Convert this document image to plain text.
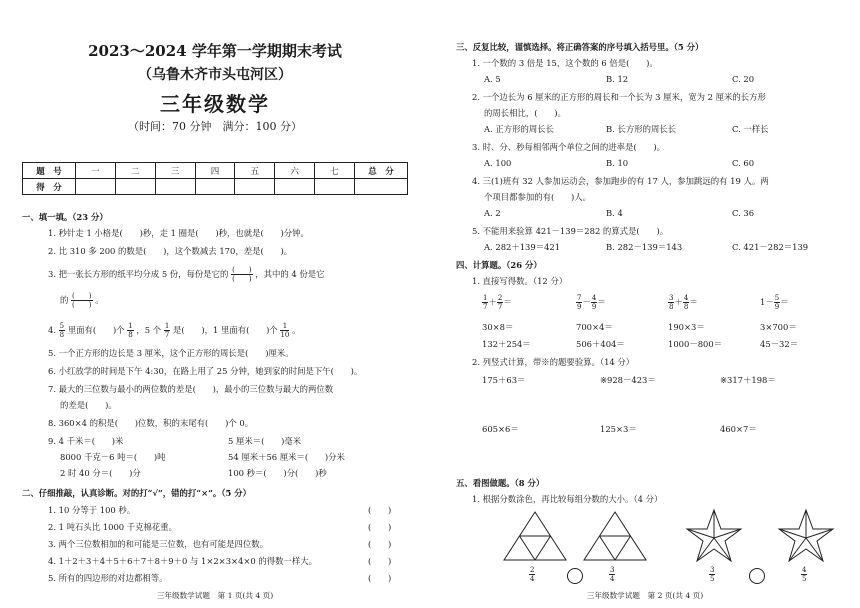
2023～2024 学年第一学期期末考试
（乌鲁木齐市头屯河区）
三年级数学
（时间：70 分钟　满分：100 分）
题　号	一	二	三	四	五	六	七	总　分
得　分								
一、填一填。（23 分）
1. 秒针走 1 小格是(　　)秒，走 1 圈是(　　)秒，也就是(　　)分钟。
2. 比 310 多 200 的数是(　　)，这个数减去 170，差是(　　)。
3. 把一张长方形的纸平均分成 5 份，每份是它的 $\frac{( )}{( )}$ ，其中的 4 份是它
的 $\frac{( )}{( )}$ 。
4. $\frac{5}{8}$ 里面有(　　)个 $\frac{1}{8}$ ，5 个 $\frac{1}{7}$ 是(　　)，1 里面有(　　)个 $\frac{1}{10}$ 。
5. 一个正方形的边长是 3 厘米，这个正方形的周长是(　　)厘米。
6. 小红放学的时间是下午 4:30，在路上用了 25 分钟，她到家的时间是下午(　　)。
7. 最大的三位数与最小的两位数的差是(　　)，最小的三位数与最大的两位数
的差是(　　)。
8. 360×4 的积是(　　)位数，积的末尾有(　　)个 0。
9. 4 千米＝(　　)米	5 厘米＝(　　)毫米
8000 千克－6 吨＝(　　)吨	54 厘米＋56 厘米＝(　　)分米
2 时 40 分＝(　　)分	100 秒＝(　　)分(　　)秒
二、仔细推敲，认真诊断。对的打“√”，错的打“×”。（5 分）
1. 10 分等于 100 秒。	(　　)
2. 1 吨石头比 1000 千克棉花重。	(　　)
3. 两个三位数相加的和可能是三位数，也有可能是四位数。	(　　)
4. 1＋2＋3＋4＋5＋6＋7＋8＋9＋0 与 1×2×3×4×0 的得数一样大。	(　　)
5. 所有的四边形的对边都相等。	(　　)
三年级数学试题　第 1 页(共 4 页)
三、反复比较，谨慎选择。将正确答案的序号填入括号里。（5 分）
1. 一个数的 3 倍是 15，这个数的 6 倍是(　　)。
A. 5	B. 12	C. 20
2. 一个边长为 6 厘米的正方形的周长和一个长为 3 厘米，宽为 2 厘米的长方形
的周长相比，(　　)。
A. 正方形的周长长	B. 长方形的周长长	C. 一样长
3. 时、分、秒每相邻两个单位之间的进率是(　　)。
A. 100	B. 10	C. 60
4. 三(1)班有 32 人参加运动会，参加跑步的有 17 人，参加跳远的有 19 人。两
个项目都参加的有(　　)人。
A. 2	B. 4	C. 36
5. 不能用来验算 421－139＝282 的算式是(　　)。
A. 282＋139＝421	B. 282－139＝143	C. 421－282＝139
四、计算题。（26 分）
1. 直接写得数。（12 分）
$\frac{1}{7} + \frac{2}{7}$ ＝	$\frac{7}{9} - \frac{4}{9}$ ＝	$\frac{3}{8} + \frac{4}{8}$ ＝	$1- \frac{5}{9}$ ＝
30×8＝	700×4＝	190×3＝	3×700＝
132＋254＝	506＋404＝	1000－800＝	45－32＝
2. 列竖式计算，带※的题要验算。（14 分）
175＋63＝	※928－423＝	※317＋198＝
605×6＝	125×3＝	460×7＝
五、看图做题。（8 分）
1. 根据分数涂色，再比较每组分数的大小。（4 分）
$\frac{2}{4}$	$\frac{3}{4}$	$\frac{3}{5}$	$\frac{4}{5}$
三年级数学试题　第 2 页(共 4 页)
